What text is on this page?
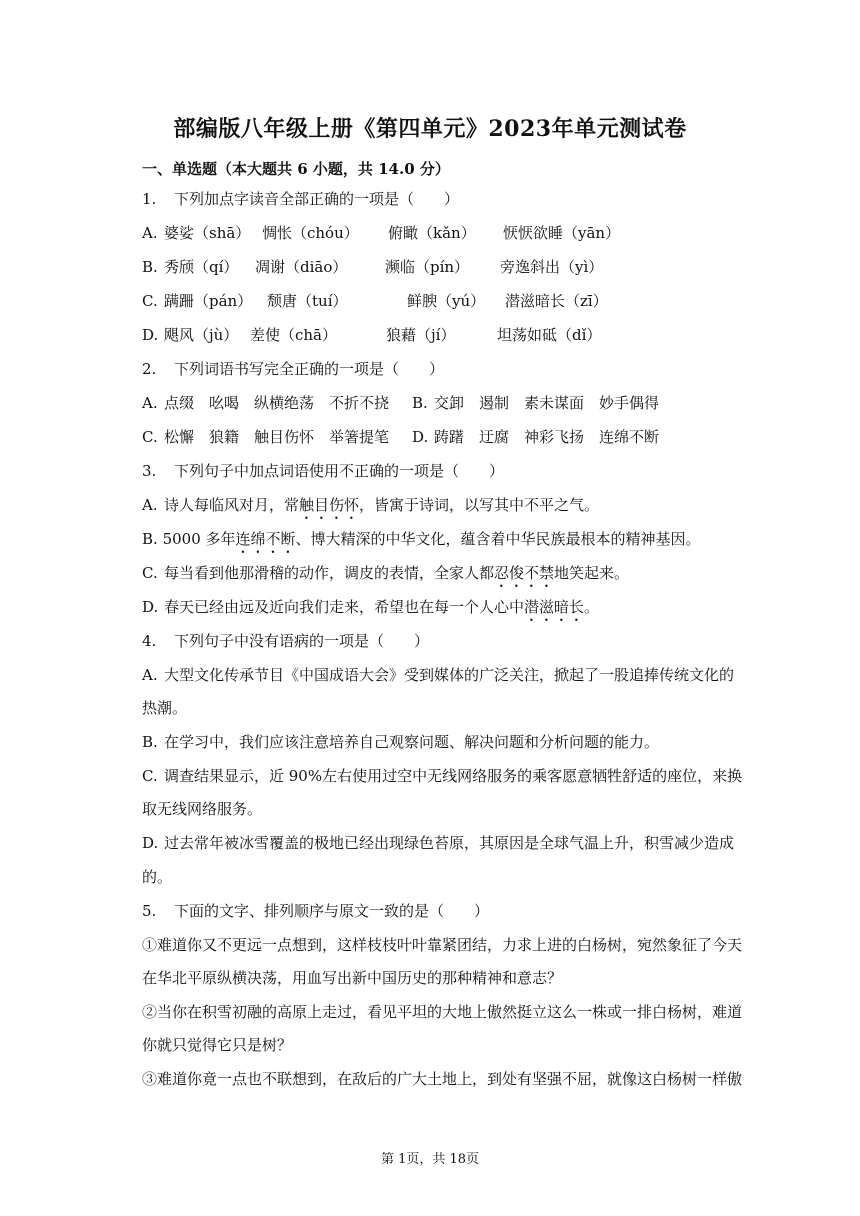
部编版八年级上册《第四单元》2023年单元测试卷
一、单选题（本大题共 6 小题，共 14.0 分）
1. 下列加点字读音全部正确的一项是（　　）
A. 婆娑（shā） 惆怅（chóu） 俯瞰（kǎn） 恹恹欲睡（yān）
B. 秀颀（qí） 凋谢（diāo）	濒临（pín） 旁逸斜出（yì）
C. 蹒跚（pán） 颓唐（tuí）	鲜腴（yú） 潜滋暗长（zī）
D. 飓风（jù） 差使（chā）	狼藉（jí）	坦荡如砥（dǐ）
2. 下列词语书写完全正确的一项是（　　）
A. 点缀　吆喝　纵横绝荡　不折不挠 B. 交卸　遏制　素未谋面　妙手偶得
C. 松懈　狼籍　触目伤怀　举箸提笔 D. 踌躇　迂腐　神彩飞扬　连绵不断
3. 下列句子中加点词语使用不正确的一项是（　　）
A. 诗人每临风对月，常触目伤怀，皆寓于诗词，以写其中不平之气。
B. 5000 多年连绵不断、博大精深的中华文化，蕴含着中华民族最根本的精神基因。
C. 每当看到他那滑稽的动作，调皮的表情，全家人都忍俊不禁地笑起来。
D. 春天已经由远及近向我们走来，希望也在每一个人心中潜滋暗长。
4. 下列句子中没有语病的一项是（　　）
A. 大型文化传承节目《中国成语大会》受到媒体的广泛关注，掀起了一股追捧传统文化的
热潮。
B. 在学习中，我们应该注意培养自己观察问题、解决问题和分析问题的能力。
C. 调查结果显示，近 90%左右使用过空中无线网络服务的乘客愿意牺牲舒适的座位，来换
取无线网络服务。
D. 过去常年被冰雪覆盖的极地已经出现绿色苔原，其原因是全球气温上升，积雪减少造成
的。
5. 下面的文字、排列顺序与原文一致的是（　　）
①难道你又不更远一点想到，这样枝枝叶叶靠紧团结，力求上进的白杨树，宛然象征了今天
在华北平原纵横决荡，用血写出新中国历史的那种精神和意志？
②当你在积雪初融的高原上走过，看见平坦的大地上傲然挺立这么一株或一排白杨树，难道
你就只觉得它只是树？
③难道你竟一点也不联想到，在敌后的广大土地上，到处有坚强不屈，就像这白杨树一样傲
第 1页，共 18页
